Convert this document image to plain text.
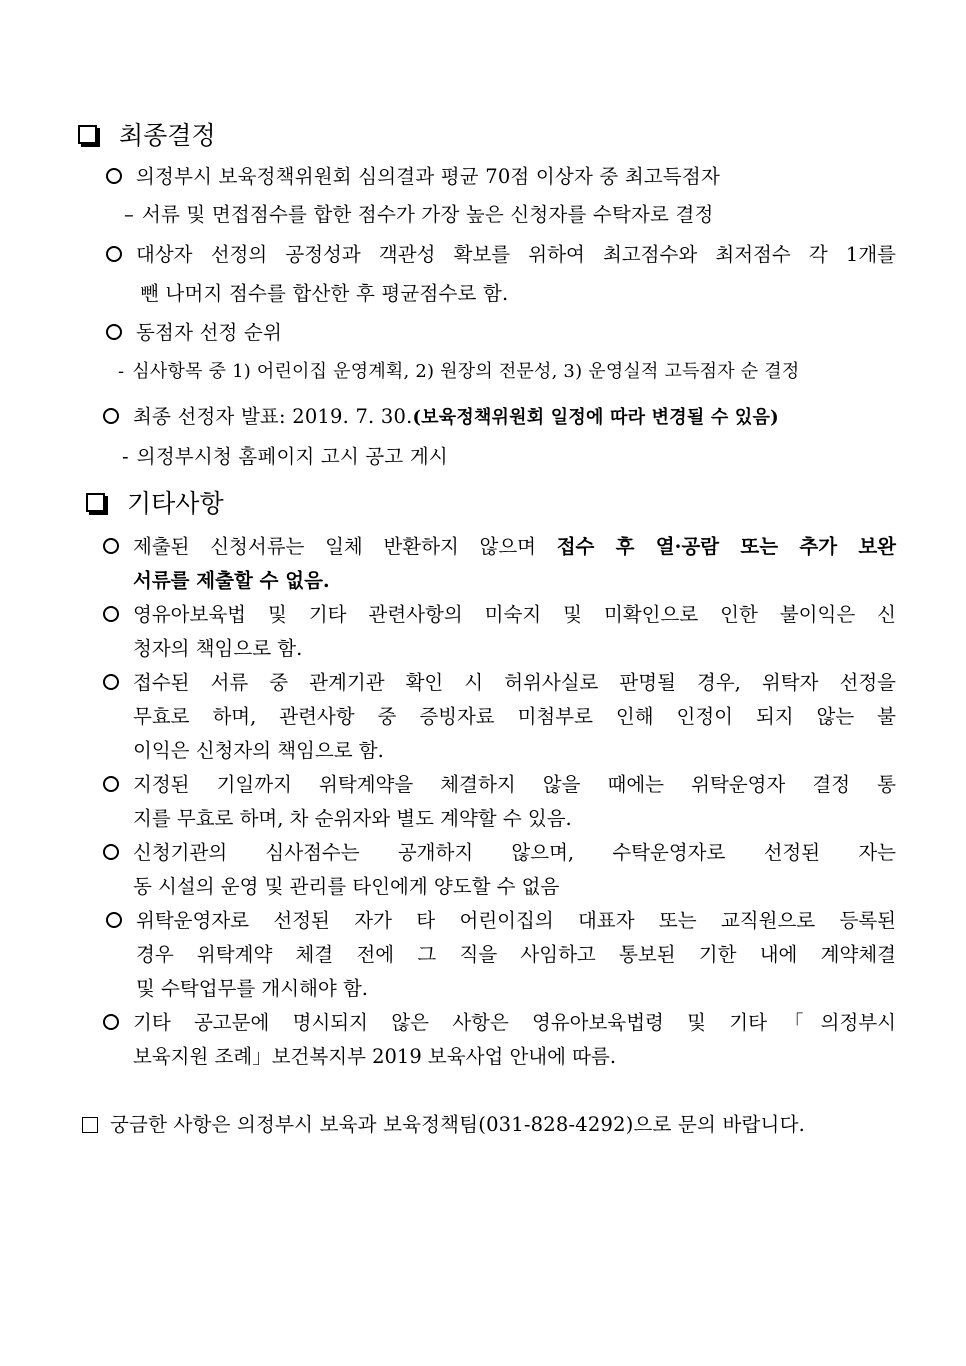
최종결정
의정부시 보육정책위원회 심의결과 평균 70점 이상자 중 최고득점자
– 서류 및 면접점수를 합한 점수가 가장 높은 신청자를 수탁자로 결정
대상자 선정의 공정성과 객관성 확보를 위하여 최고점수와 최저점수 각 1개를
뺀 나머지 점수를 합산한 후 평균점수로 함.
동점자 선정 순위
- 심사항목 중 1) 어린이집 운영계획, 2) 원장의 전문성, 3) 운영실적 고득점자 순 결정
최종 선정자 발표: 2019. 7. 30.(보육정책위원회 일정에 따라 변경될 수 있음)
- 의정부시청 홈페이지 고시 공고 게시
기타사항
제출된 신청서류는 일체 반환하지 않으며 접수 후 열·공람 또는 추가 보완
서류를 제출할 수 없음.
영유아보육법 및 기타 관련사항의 미숙지 및 미확인으로 인한 불이익은 신
청자의 책임으로 함.
접수된 서류 중 관계기관 확인 시 허위사실로 판명될 경우, 위탁자 선정을
무효로 하며, 관련사항 중 증빙자료 미첨부로 인해 인정이 되지 않는 불
이익은 신청자의 책임으로 함.
지정된 기일까지 위탁계약을 체결하지 않을 때에는 위탁운영자 결정 통
지를 무효로 하며, 차 순위자와 별도 계약할 수 있음.
신청기관의 심사점수는 공개하지 않으며, 수탁운영자로 선정된 자는
동 시설의 운영 및 관리를 타인에게 양도할 수 없음
위탁운영자로 선정된 자가 타 어린이집의 대표자 또는 교직원으로 등록된
경우 위탁계약 체결 전에 그 직을 사임하고 통보된 기한 내에 계약체결
및 수탁업무를 개시해야 함.
기타 공고문에 명시되지 않은 사항은 영유아보육법령 및 기타「의정부시
보육지원 조례」보건복지부 2019 보육사업 안내에 따름.
궁금한 사항은 의정부시 보육과 보육정책팀(031-828-4292)으로 문의 바랍니다.
